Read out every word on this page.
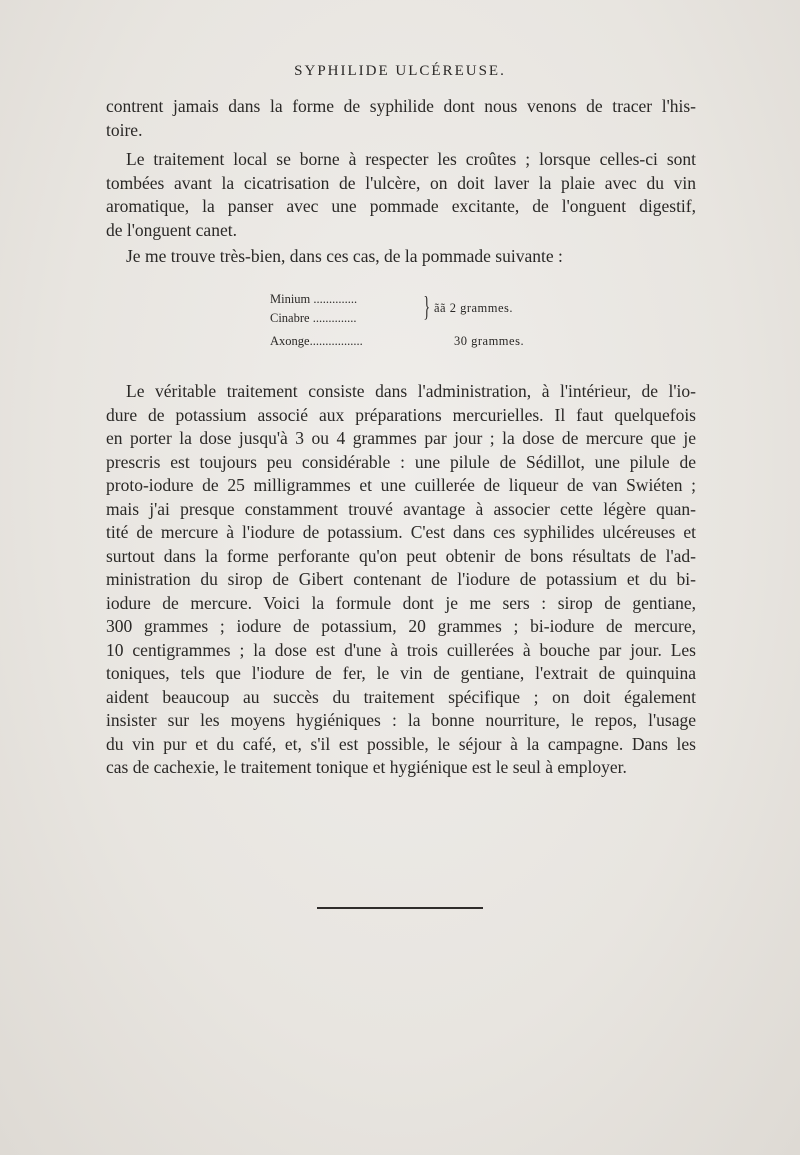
SYPHILIDE ULCÉREUSE.
contrent jamais dans la forme de syphilide dont nous venons de tracer l'his-
toire.
Le traitement local se borne à respecter les croûtes ; lorsque celles-ci sont
tombées avant la cicatrisation de l'ulcère, on doit laver la plaie avec du vin
aromatique, la panser avec une pommade excitante, de l'onguent digestif,
de l'onguent canet.
Je me trouve très-bien, dans ces cas, de la pommade suivante :
Minium ..............
Cinabre .............. } ãã 2 grammes.
Axonge.................	30 grammes.
Le véritable traitement consiste dans l'administration, à l'intérieur, de l'io-
dure de potassium associé aux préparations mercurielles. Il faut quelquefois
en porter la dose jusqu'à 3 ou 4 grammes par jour ; la dose de mercure que je
prescris est toujours peu considérable : une pilule de Sédillot, une pilule de
proto-iodure de 25 milligrammes et une cuillerée de liqueur de van Swiéten ;
mais j'ai presque constamment trouvé avantage à associer cette légère quan-
tité de mercure à l'iodure de potassium. C'est dans ces syphilides ulcéreuses et
surtout dans la forme perforante qu'on peut obtenir de bons résultats de l'ad-
ministration du sirop de Gibert contenant de l'iodure de potassium et du bi-
iodure de mercure. Voici la formule dont je me sers : sirop de gentiane,
300 grammes ; iodure de potassium, 20 grammes ; bi-iodure de mercure,
10 centigrammes ; la dose est d'une à trois cuillerées à bouche par jour. Les
toniques, tels que l'iodure de fer, le vin de gentiane, l'extrait de quinquina
aident beaucoup au succès du traitement spécifique ; on doit également
insister sur les moyens hygiéniques : la bonne nourriture, le repos, l'usage
du vin pur et du café, et, s'il est possible, le séjour à la campagne. Dans les
cas de cachexie, le traitement tonique et hygiénique est le seul à employer.
